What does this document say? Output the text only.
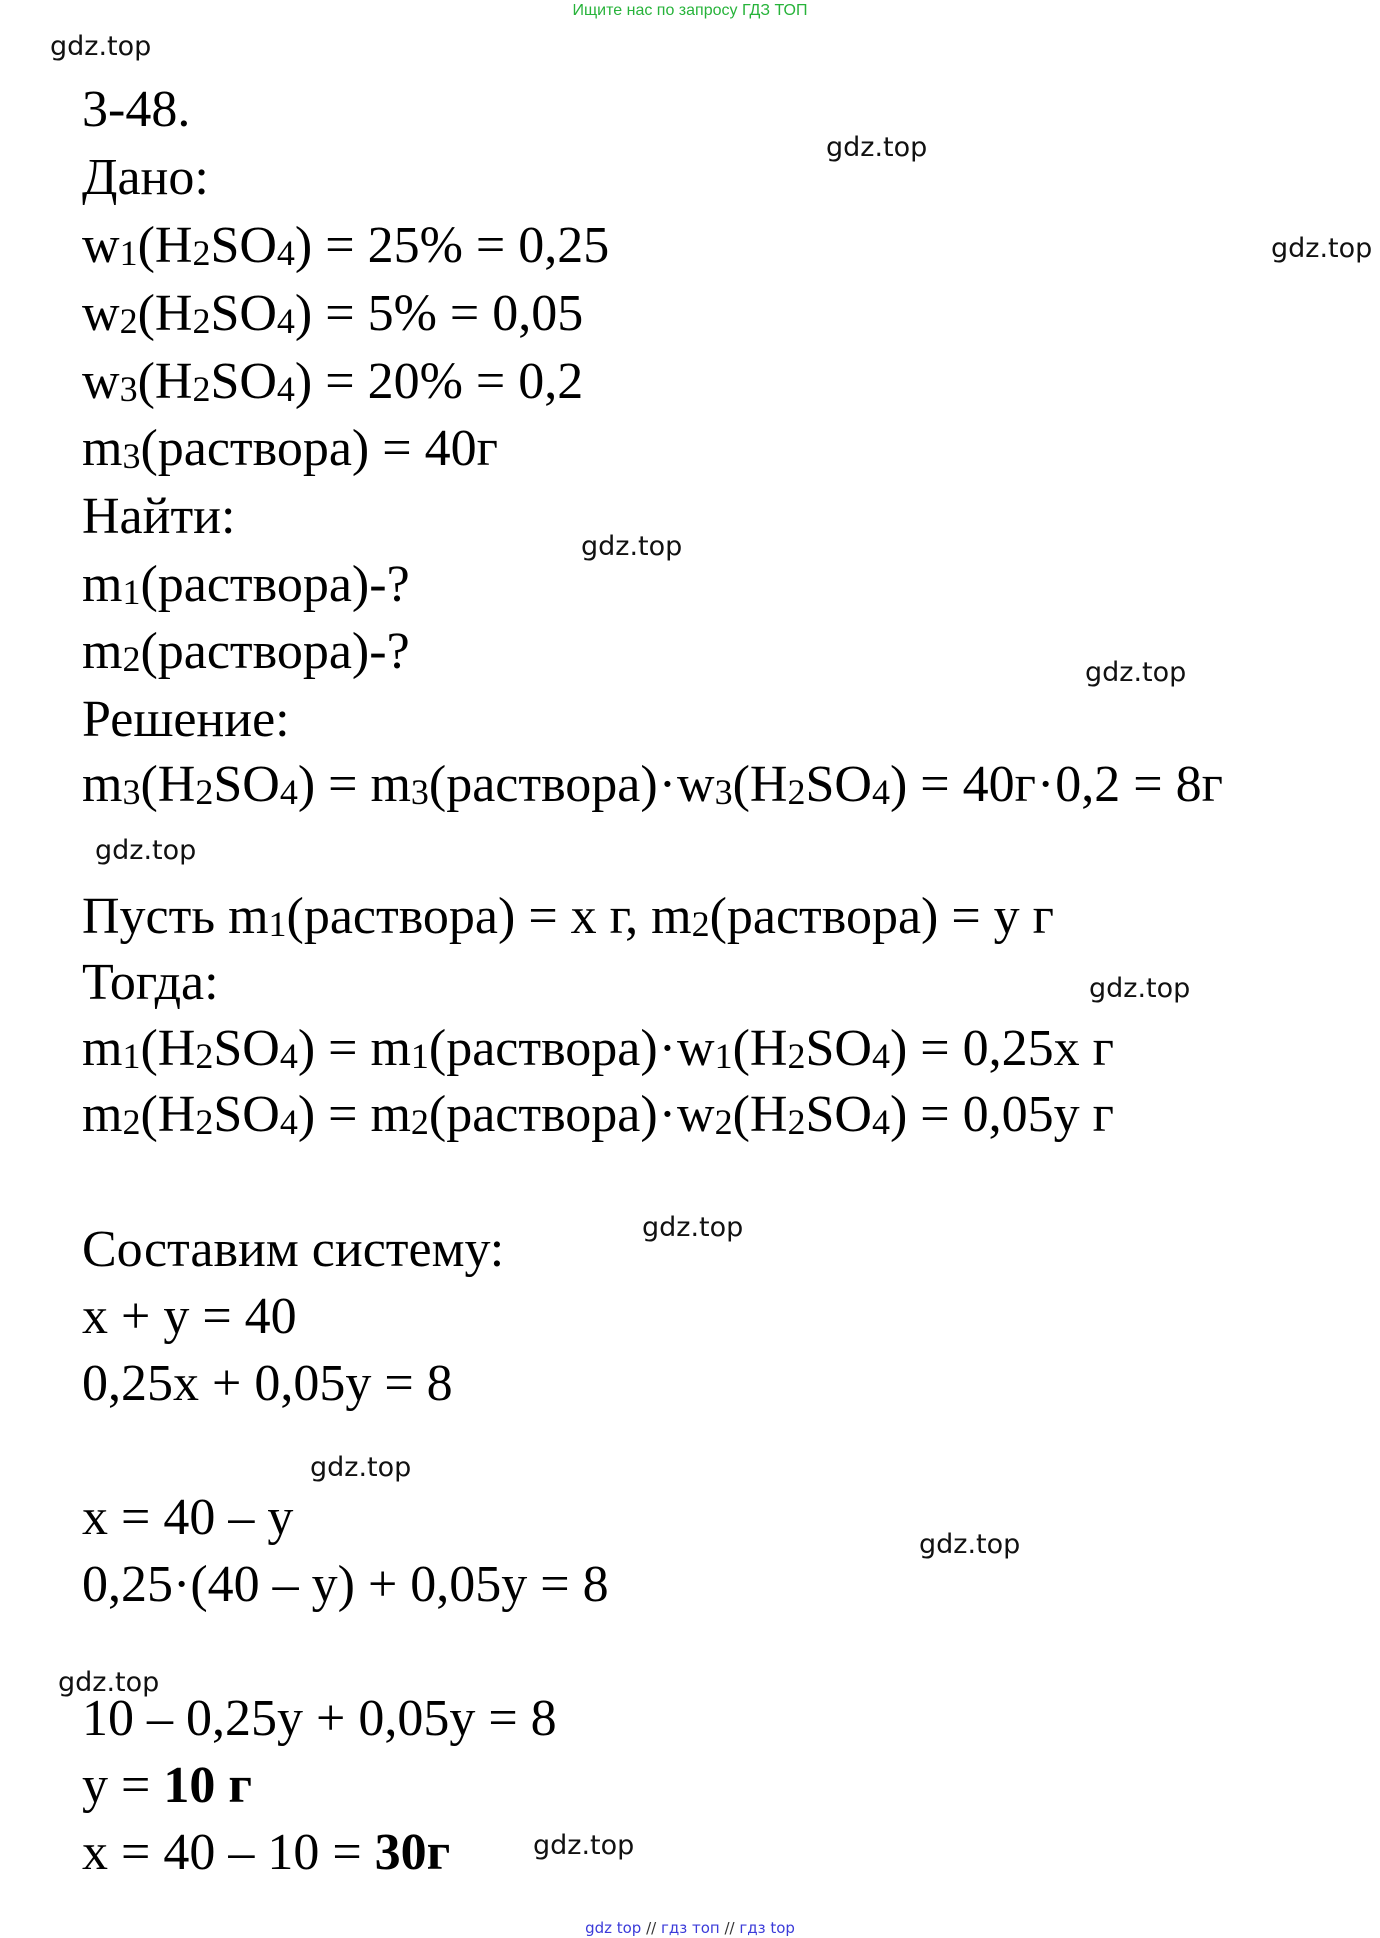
Ищите нас по запросу ГДЗ ТОП
gdz.top
gdz.top
gdz.top
gdz.top
gdz.top
gdz.top
gdz.top
gdz.top
gdz.top
gdz.top
gdz.top
gdz.top
3-48.
Дано:
$w_1(H_2SO_4) = 25\% = 0,25$
$w_2(H_2SO_4) = 5\% = 0,05$
$w_3(H_2SO_4) = 20\% = 0,2$
$m_3(раствора) = 40г$
Найти:
$m_1(раствора)-$?
$m_2(раствора)-$?
Решение:
$m_3(H_2SO_4)$ = $m_3(раствора)\cdot w_3(H_2SO_4) = 40г\cdot 0,2 = 8г$
Пусть $m_1(раствора) = x$ г, $m_2(раствора) = y$ г
Тогда:
$m_1(H_2SO_4)$ = $m_1(раствора)\cdot w_1(H_2SO_4) = 0,25x$ г
$m_2(H_2SO_4)$ = $m_2(раствора)\cdot w_2(H_2SO_4) = 0,05y$ г
Составим систему:
x + y = 40
0,25x + 0,05y = 8
x = 40 – y
0,25·(40 – y) + 0,05y = 8
10 – 0,25y + 0,05y = 8
y = 10 г
x = 40 – 10 = 30г
gdz top // гдз топ // гдз top
